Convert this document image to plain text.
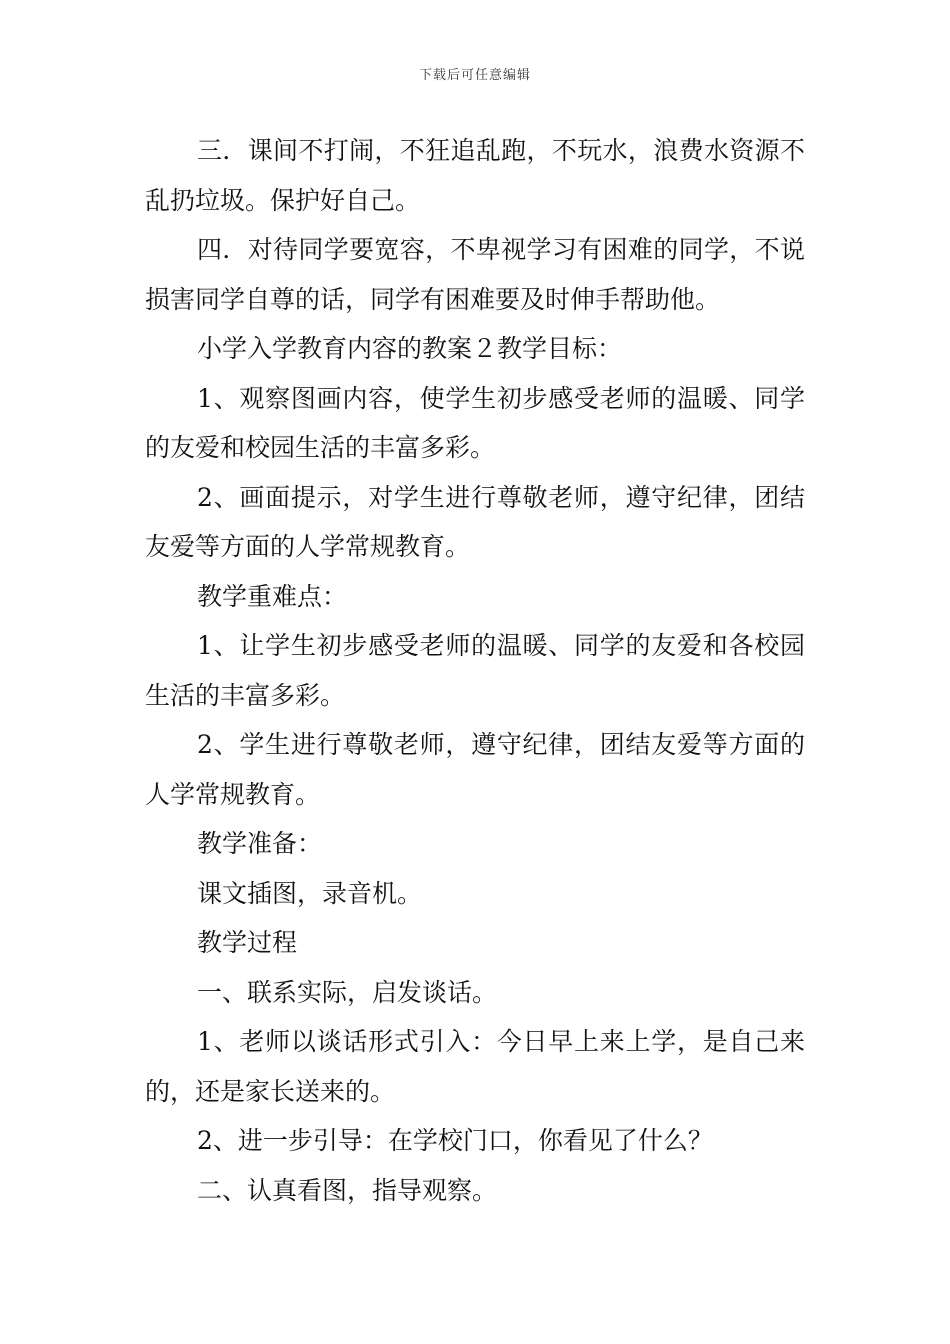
下载后可任意编辑

三．课间不打闹，不狂追乱跑，不玩水，浪费水资源不乱扔垃圾。保护好自己。

四．对待同学要宽容，不卑视学习有困难的同学，不说损害同学自尊的话，同学有困难要及时伸手帮助他。

小学入学教育内容的教案２教学目标：

1、观察图画内容，使学生初步感受老师的温暖、同学的友爱和校园生活的丰富多彩。

2、画面提示，对学生进行尊敬老师，遵守纪律，团结友爱等方面的人学常规教育。

教学重难点：

1、让学生初步感受老师的温暖、同学的友爱和各校园生活的丰富多彩。

2、学生进行尊敬老师，遵守纪律，团结友爱等方面的人学常规教育。

教学准备：

课文插图，录音机。

教学过程

一、联系实际，启发谈话。

1、老师以谈话形式引入：今日早上来上学，是自己来的，还是家长送来的。

2、进一步引导：在学校门口，你看见了什么？

二、认真看图，指导观察。
